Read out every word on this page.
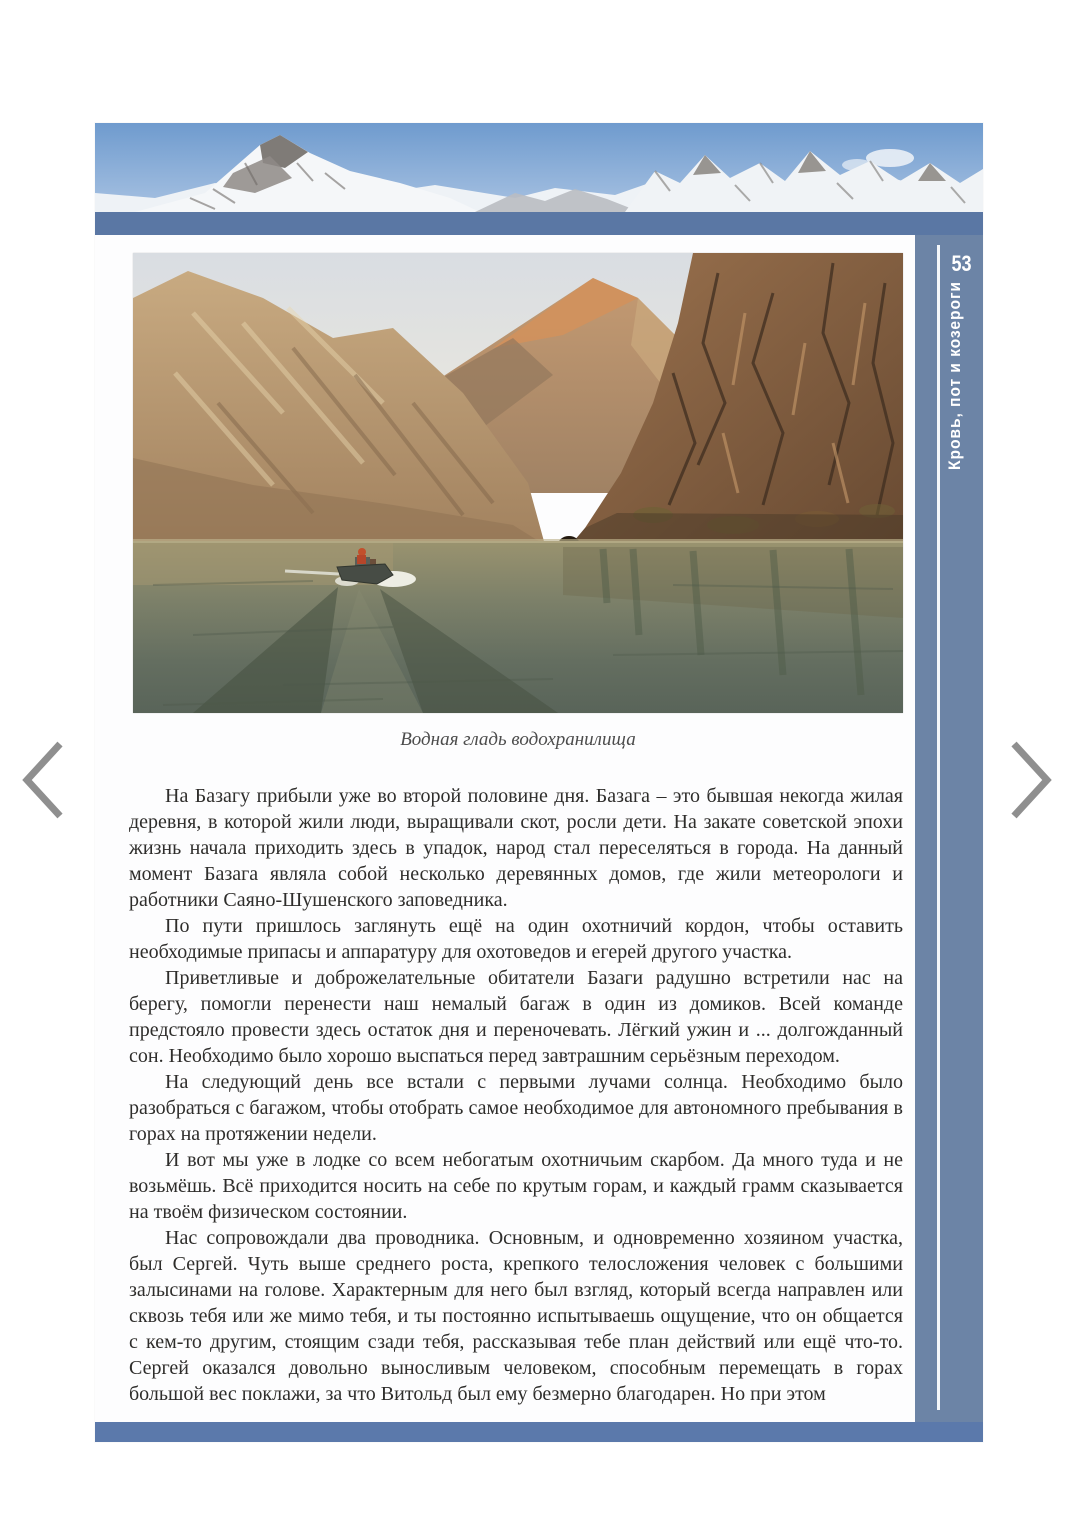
Водная гладь водохранилища

На Базагу прибыли уже во второй половине дня. Базага – это бывшая некогда жилая деревня, в которой жили люди, выращивали скот, росли дети. На закате советской эпохи жизнь начала приходить здесь в упадок, народ стал переселяться в города. На данный момент Базага являла собой несколько деревянных домов, где жили метеорологи и работники Саяно-Шушенского заповедника.

По пути пришлось заглянуть ещё на один охотничий кордон, чтобы оставить необходимые припасы и аппаратуру для охотоведов и егерей другого участка.

Приветливые и доброжелательные обитатели Базаги радушно встретили нас на берегу, помогли перенести наш немалый багаж в один из домиков. Всей команде предстояло провести здесь остаток дня и переночевать. Лёгкий ужин и ... долгожданный сон. Необходимо было хорошо выспаться перед завтрашним серьёзным переходом.

На следующий день все встали с первыми лучами солнца. Необходимо было разобраться с багажом, чтобы отобрать самое необходимое для автономного пребывания в горах на протяжении недели.

И вот мы уже в лодке со всем небогатым охотничьим скарбом. Да много туда и не возьмёшь. Всё приходится носить на себе по крутым горам, и каждый грамм сказывается на твоём физическом состоянии.

Нас сопровождали два проводника. Основным, и одновременно хозяином участка, был Сергей. Чуть выше среднего роста, крепкого телосложения человек с большими залысинами на голове. Характерным для него был взгляд, который всегда направлен или сквозь тебя или же мимо тебя, и ты постоянно испытываешь ощущение, что он общается с кем-то другим, стоящим сзади тебя, рассказывая тебе план действий или ещё что-то. Сергей оказался довольно выносливым человеком, способным перемещать в горах большой вес поклажи, за что Витольд был ему безмерно благодарен. Но при этом

53
Кровь, пот и козероги
